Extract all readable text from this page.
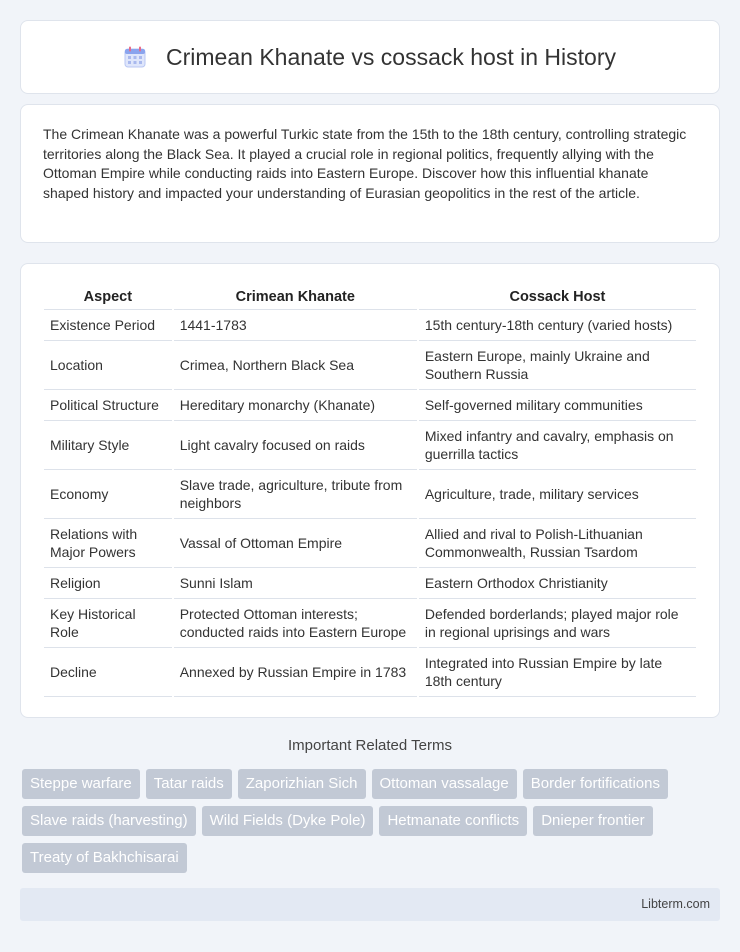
Crimean Khanate vs cossack host in History

The Crimean Khanate was a powerful Turkic state from the 15th to the 18th century, controlling strategic territories along the Black Sea. It played a crucial role in regional politics, frequently allying with the Ottoman Empire while conducting raids into Eastern Europe. Discover how this influential khanate shaped history and impacted your understanding of Eurasian geopolitics in the rest of the article.

Aspect	Crimean Khanate	Cossack Host
Existence Period	1441-1783	15th century-18th century (varied hosts)
Location	Crimea, Northern Black Sea	Eastern Europe, mainly Ukraine and Southern Russia
Political Structure	Hereditary monarchy (Khanate)	Self-governed military communities
Military Style	Light cavalry focused on raids	Mixed infantry and cavalry, emphasis on guerrilla tactics
Economy	Slave trade, agriculture, tribute from neighbors	Agriculture, trade, military services
Relations with Major Powers	Vassal of Ottoman Empire	Allied and rival to Polish-Lithuanian Commonwealth, Russian Tsardom
Religion	Sunni Islam	Eastern Orthodox Christianity
Key Historical Role	Protected Ottoman interests; conducted raids into Eastern Europe	Defended borderlands; played major role in regional uprisings and wars
Decline	Annexed by Russian Empire in 1783	Integrated into Russian Empire by late 18th century
Important Related Terms
Steppe warfare	Tatar raids	Zaporizhian Sich	Ottoman vassalage	Border fortifications
Slave raids (harvesting)	Wild Fields (Dyke Pole)	Hetmanate conflicts	Dnieper frontier
Treaty of Bakhchisarai
Libterm.com
